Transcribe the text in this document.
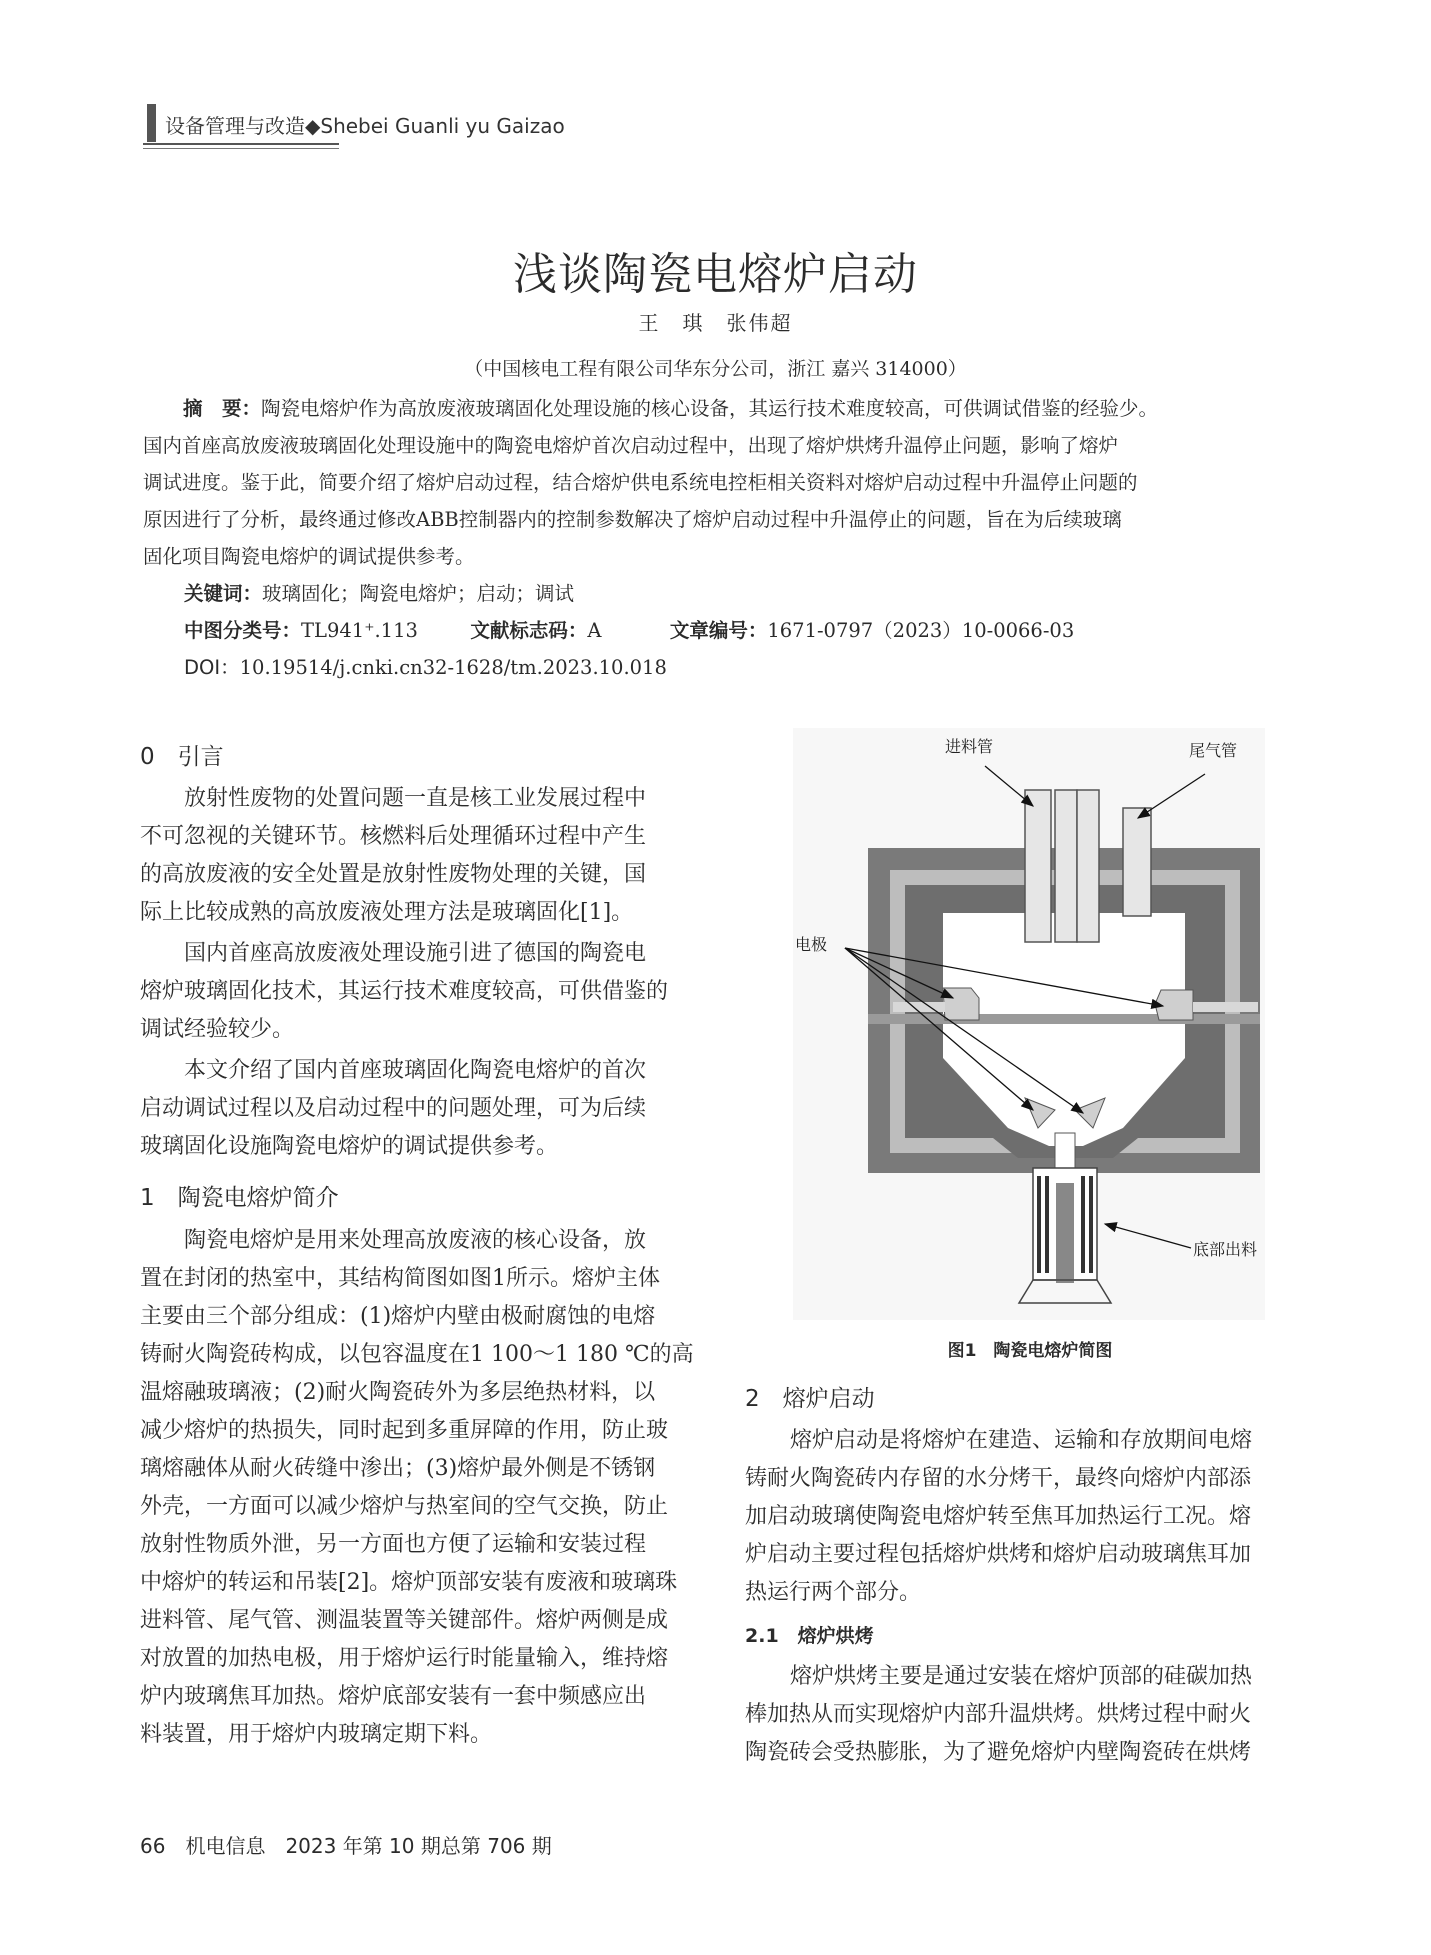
设备管理与改造◆Shebei Guanli yu Gaizao
浅谈陶瓷电熔炉启动
王　琪　张伟超
（中国核电工程有限公司华东分公司，浙江 嘉兴 314000）
摘　要：陶瓷电熔炉作为高放废液玻璃固化处理设施的核心设备，其运行技术难度较高，可供调试借鉴的经验少。
国内首座高放废液玻璃固化处理设施中的陶瓷电熔炉首次启动过程中，出现了熔炉烘烤升温停止问题，影响了熔炉
调试进度。鉴于此，简要介绍了熔炉启动过程，结合熔炉供电系统电控柜相关资料对熔炉启动过程中升温停止问题的
原因进行了分析，最终通过修改ABB控制器内的控制参数解决了熔炉启动过程中升温停止的问题，旨在为后续玻璃
固化项目陶瓷电熔炉的调试提供参考。
关键词：玻璃固化；陶瓷电熔炉；启动；调试
中图分类号：TL941⁺.113	文献标志码：A	文章编号：1671-0797（2023）10-0066-03
DOI：10.19514/j.cnki.cn32-1628/tm.2023.10.018
0　引言
放射性废物的处置问题一直是核工业发展过程中
不可忽视的关键环节。核燃料后处理循环过程中产生
的高放废液的安全处置是放射性废物处理的关键，国
际上比较成熟的高放废液处理方法是玻璃固化[1]。
国内首座高放废液处理设施引进了德国的陶瓷电
熔炉玻璃固化技术，其运行技术难度较高，可供借鉴的
调试经验较少。
本文介绍了国内首座玻璃固化陶瓷电熔炉的首次
启动调试过程以及启动过程中的问题处理，可为后续
玻璃固化设施陶瓷电熔炉的调试提供参考。
1　陶瓷电熔炉简介
陶瓷电熔炉是用来处理高放废液的核心设备，放
置在封闭的热室中，其结构简图如图1所示。熔炉主体
主要由三个部分组成：(1)熔炉内壁由极耐腐蚀的电熔
铸耐火陶瓷砖构成，以包容温度在1 100～1 180 ℃的高
温熔融玻璃液；(2)耐火陶瓷砖外为多层绝热材料，以
减少熔炉的热损失，同时起到多重屏障的作用，防止玻
璃熔融体从耐火砖缝中渗出；(3)熔炉最外侧是不锈钢
外壳，一方面可以减少熔炉与热室间的空气交换，防止
放射性物质外泄，另一方面也方便了运输和安装过程
中熔炉的转运和吊装[2]。熔炉顶部安装有废液和玻璃珠
进料管、尾气管、测温装置等关键部件。熔炉两侧是成
对放置的加热电极，用于熔炉运行时能量输入，维持熔
炉内玻璃焦耳加热。熔炉底部安装有一套中频感应出
料装置，用于熔炉内玻璃定期下料。
进料管	尾气管
电极
底部出料
图1　陶瓷电熔炉简图
2　熔炉启动
熔炉启动是将熔炉在建造、运输和存放期间电熔
铸耐火陶瓷砖内存留的水分烤干，最终向熔炉内部添
加启动玻璃使陶瓷电熔炉转至焦耳加热运行工况。熔
炉启动主要过程包括熔炉烘烤和熔炉启动玻璃焦耳加
热运行两个部分。
2.1　熔炉烘烤
熔炉烘烤主要是通过安装在熔炉顶部的硅碳加热
棒加热从而实现熔炉内部升温烘烤。烘烤过程中耐火
陶瓷砖会受热膨胀，为了避免熔炉内壁陶瓷砖在烘烤
66　机电信息　2023 年第 10 期总第 706 期
